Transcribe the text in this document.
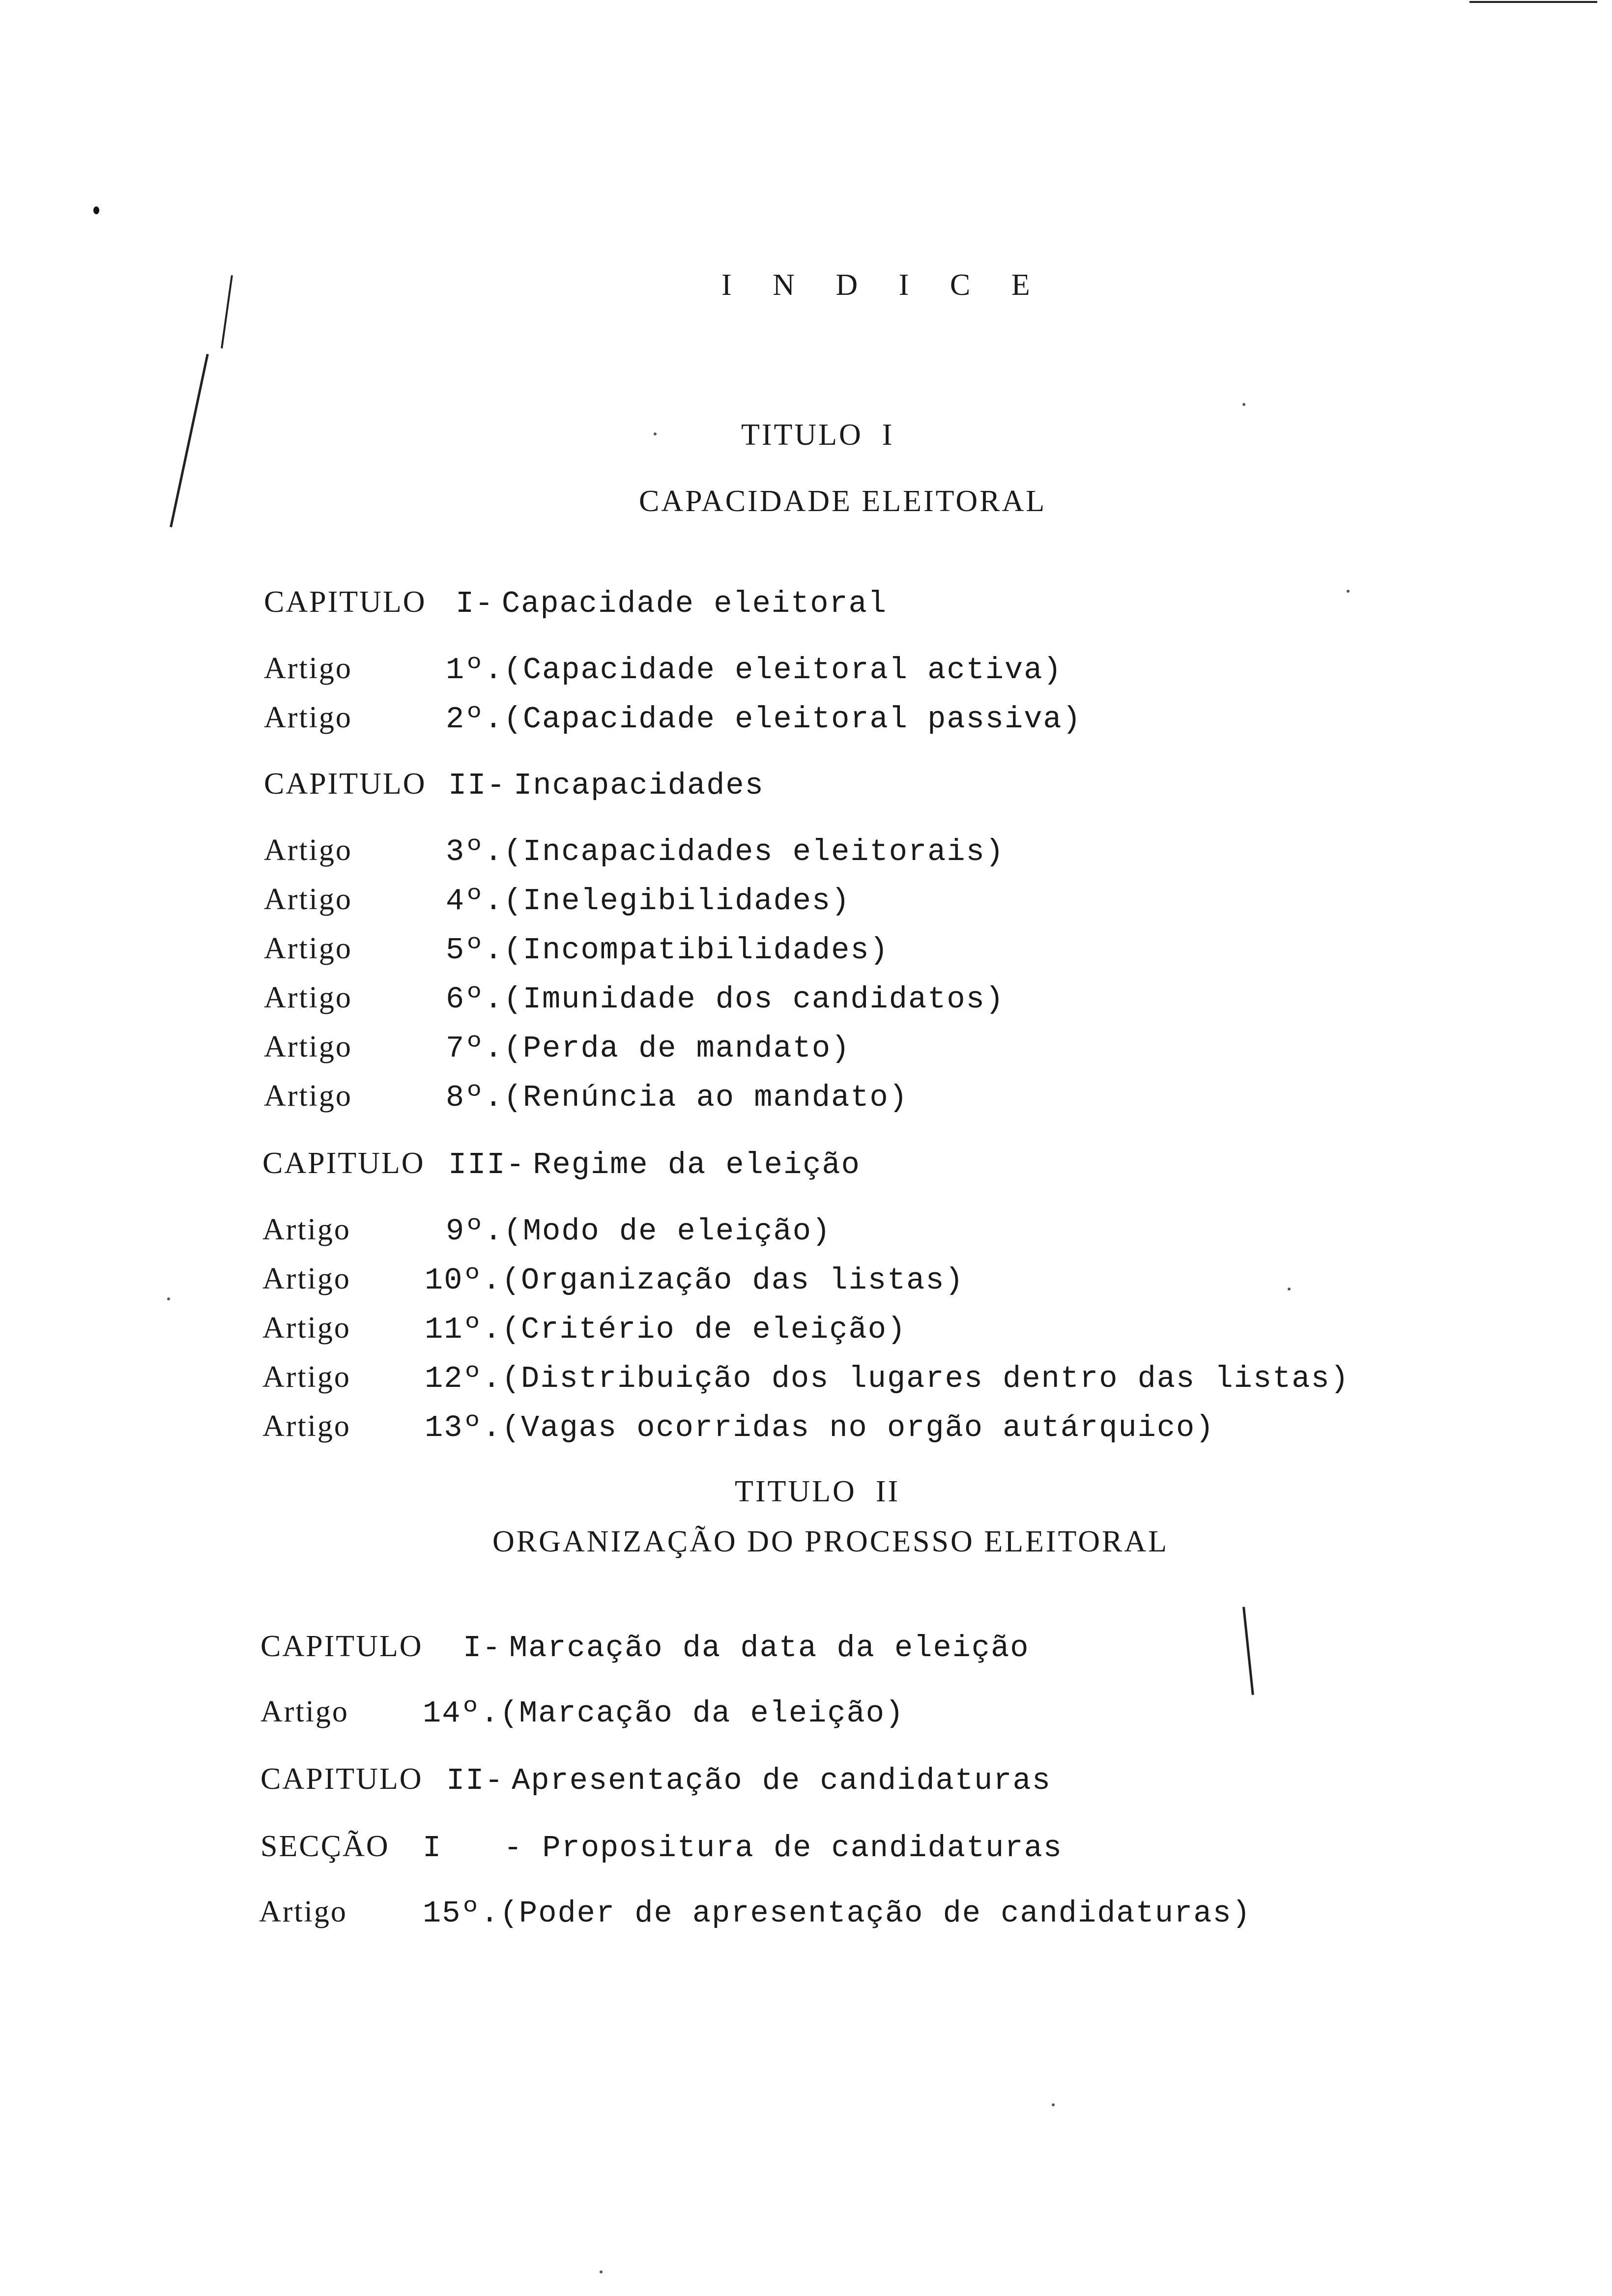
I N D I C E
TITULO  I
CAPACIDADE ELEITORAL

CAPITULO I- Capacidade eleitoral

Artigo	1º.(Capacidade eleitoral activa)

Artigo	2º.(Capacidade eleitoral passiva)

CAPITULO II- Incapacidades

Artigo	3º.(Incapacidades eleitorais)

Artigo	4º.(Inelegibilidades)

Artigo	5º.(Incompatibilidades)

Artigo	6º.(Imunidade dos candidatos)

Artigo	7º.(Perda de mandato)

Artigo	8º.(Renúncia ao mandato)

CAPITULO III- Regime da eleição

Artigo	9º.(Modo de eleição)

Artigo 10º.(Organização das listas)

Artigo 11º.(Critério de eleição)

Artigo 12º.(Distribuição dos lugares dentro das listas)

Artigo 13º.(Vagas ocorridas no orgão autárquico)

TITULO  II
ORGANIZAÇÃO DO PROCESSO ELEITORAL

CAPITULO I- Marcação da data da eleição

Artigo 14º.(Marcação da eleição)

CAPITULO II- Apresentação de candidaturas

SECÇÃO I - Propositura de candidaturas

Artigo 15º.(Poder de apresentação de candidaturas)
